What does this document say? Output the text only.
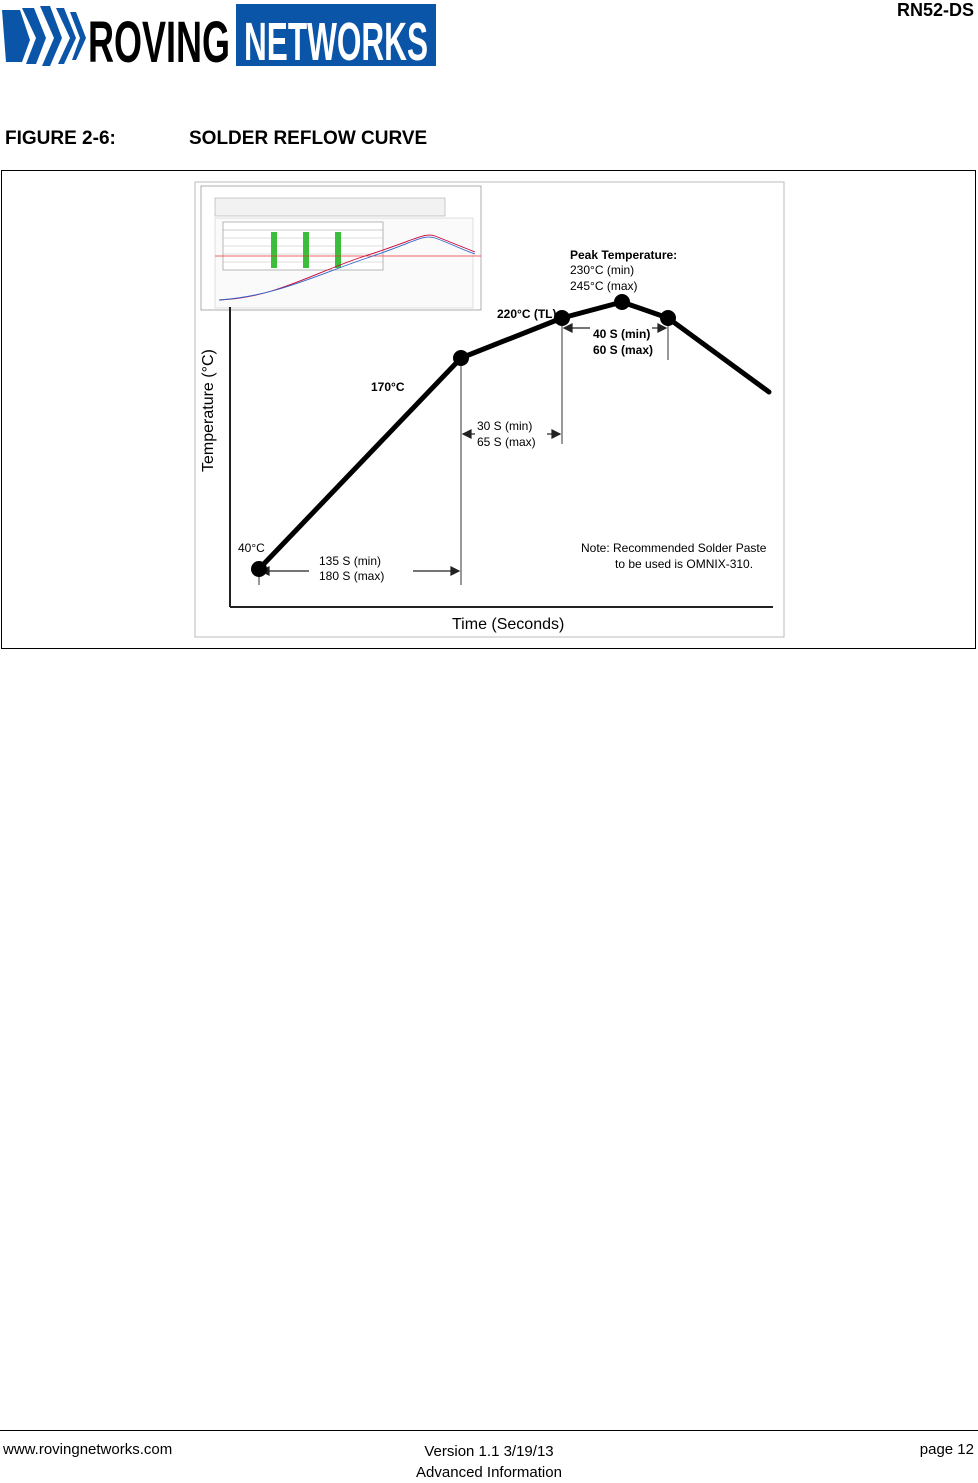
ROVING NETWORKS
RN52-DS
FIGURE 2-6:	SOLDER REFLOW CURVE
Temperature (°C)
Time (Seconds)
40°C
170°C
220°C (TL)
Peak Temperature:
230°C (min)
245°C (max)
135 S (min)
180 S (max)
30 S (min)
65 S (max)
40 S (min)
60 S (max)
Note: Recommended Solder Paste
to be used is OMNIX-310.
www.rovingnetworks.com	Version 1.1 3/19/13
Advanced Information
page 12
